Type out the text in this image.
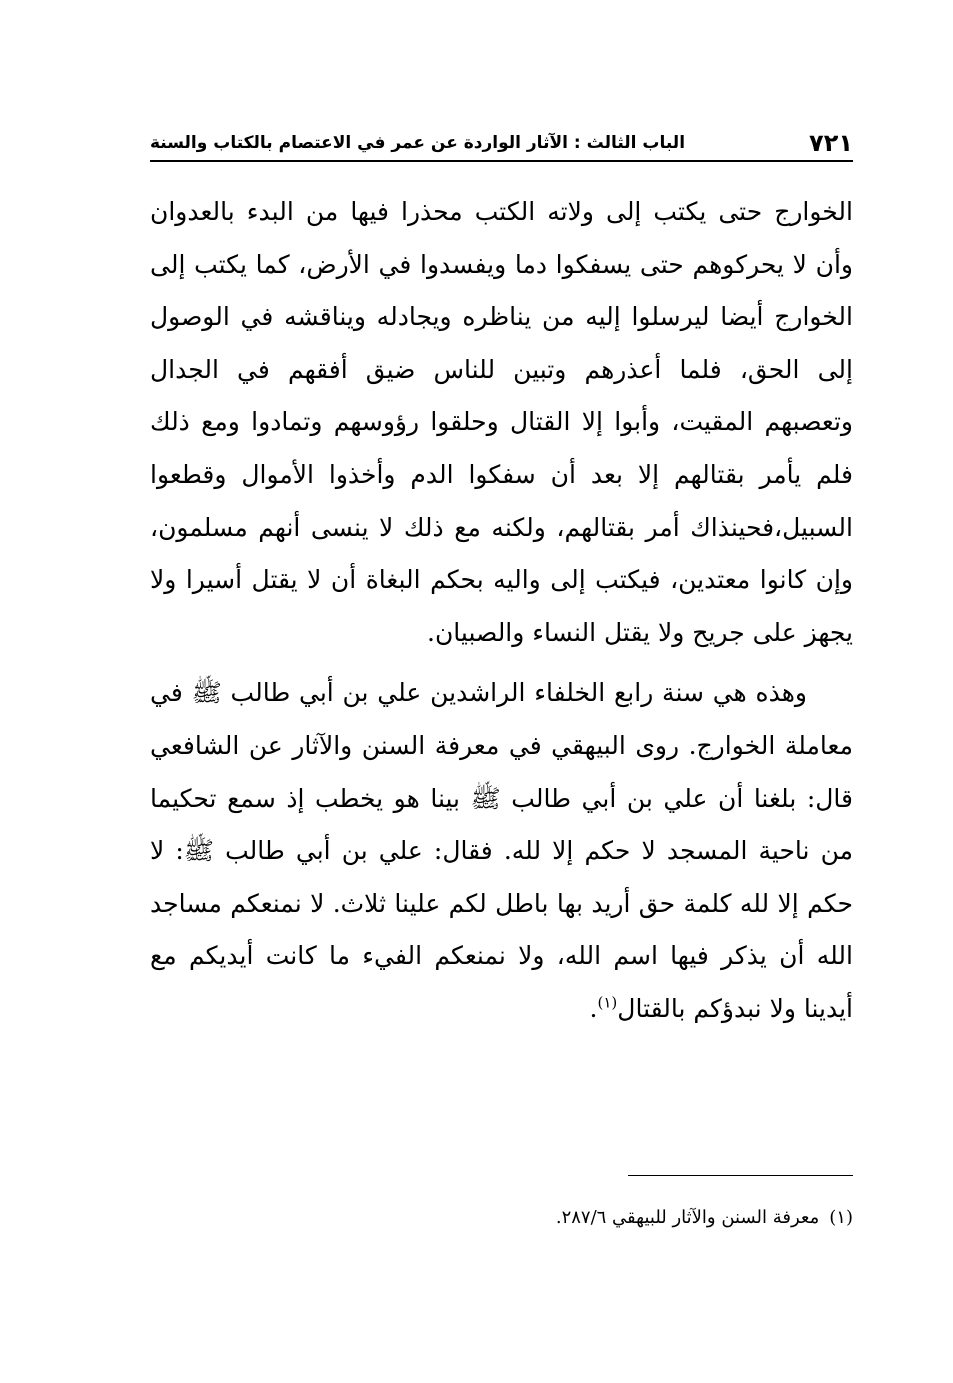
٧٢١
الباب الثالث : الآثار الواردة عن عمر في الاعتصام بالكتاب والسنة

الخوارج حتى يكتب إلى ولاته الكتب محذرا فيها من البدء بالعدوان وأن لا يحركوهم حتى يسفكوا دما ويفسدوا في الأرض، كما يكتب إلى الخوارج أيضا ليرسلوا إليه من يناظره ويجادله ويناقشه في الوصول إلى الحق، فلما أعذرهم وتبين للناس ضيق أفقهم في الجدال وتعصبهم المقيت، وأبوا إلا القتال وحلقوا رؤوسهم وتمادوا ومع ذلك فلم يأمر بقتالهم إلا بعد أن سفكوا الدم وأخذوا الأموال وقطعوا السبيل،فحينذاك أمر بقتالهم، ولكنه مع ذلك لا ينسى أنهم مسلمون، وإن كانوا معتدين، فيكتب إلى واليه بحكم البغاة أن لا يقتل أسيرا ولا يجهز على جريح ولا يقتل النساء والصبيان.

وهذه هي سنة رابع الخلفاء الراشدين علي بن أبي طالب ﷺ في معاملة الخوارج. روى البيهقي في معرفة السنن والآثار عن الشافعي قال: بلغنا أن علي بن أبي طالب ﷺ بينا هو يخطب إذ سمع تحكيما من ناحية المسجد لا حكم إلا لله. فقال: علي بن أبي طالب ﷺ: لا حكم إلا لله كلمة حق أريد بها باطل لكم علينا ثلاث. لا نمنعكم مساجد الله أن يذكر فيها اسم الله، ولا نمنعكم الفيء ما كانت أيديكم مع أيدينا ولا نبدؤكم بالقتال$^{(١)}$.

(١)معرفة السنن والآثار للبيهقي ٢٨٧/٦.
